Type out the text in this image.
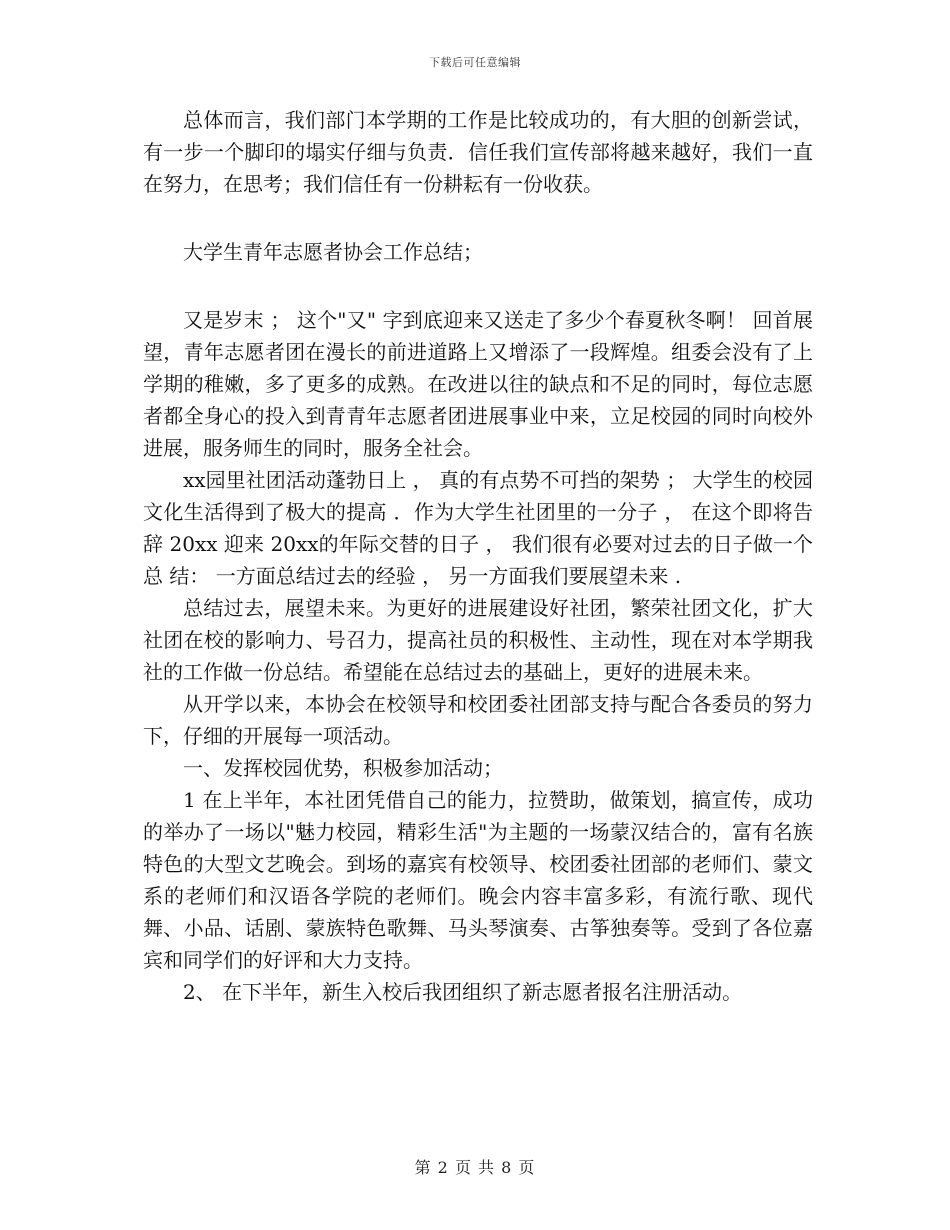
下载后可任意编辑

总体而言，我们部门本学期的工作是比较成功的，有大胆的创新尝试，有一步一个脚印的塌实仔细与负责．信任我们宣传部将越来越好，我们一直在努力，在思考；我们信任有一份耕耘有一份收获。

大学生青年志愿者协会工作总结；

又是岁末 ； 这个"又" 字到底迎来又送走了多少个春夏秋冬啊！ 回首展望，青年志愿者团在漫长的前进道路上又增添了一段辉煌。组委会没有了上学期的稚嫩，多了更多的成熟。在改进以往的缺点和不足的同时，每位志愿者都全身心的投入到青青年志愿者团进展事业中来，立足校园的同时向校外进展，服务师生的同时，服务全社会。

xx园里社团活动蓬勃日上 ， 真的有点势不可挡的架势 ； 大学生的校园文化生活得到了极大的提高 ．作为大学生社团里的一分子 ， 在这个即将告辞 20xx 迎来 20xx的年际交替的日子 ， 我们很有必要对过去的日子做一个总 结： 一方面总结过去的经验 ， 另一方面我们要展望未来 .

总结过去，展望未来。为更好的进展建设好社团，繁荣社团文化，扩大社团在校的影响力、号召力，提高社员的积极性、主动性，现在对本学期我社的工作做一份总结。希望能在总结过去的基础上，更好的进展未来。

从开学以来，本协会在校领导和校团委社团部支持与配合各委员的努力下，仔细的开展每一项活动。

一、发挥校园优势，积极参加活动；

1 在上半年，本社团凭借自己的能力，拉赞助，做策划，搞宣传，成功的举办了一场以"魅力校园，精彩生活"为主题的一场蒙汉结合的，富有名族特色的大型文艺晚会。到场的嘉宾有校领导、校团委社团部的老师们、蒙文系的老师们和汉语各学院的老师们。晚会内容丰富多彩，有流行歌、现代舞、小品、话剧、蒙族特色歌舞、马头琴演奏、古筝独奏等。受到了各位嘉宾和同学们的好评和大力支持。

2、 在下半年，新生入校后我团组织了新志愿者报名注册活动。

第 2 页 共 8 页
